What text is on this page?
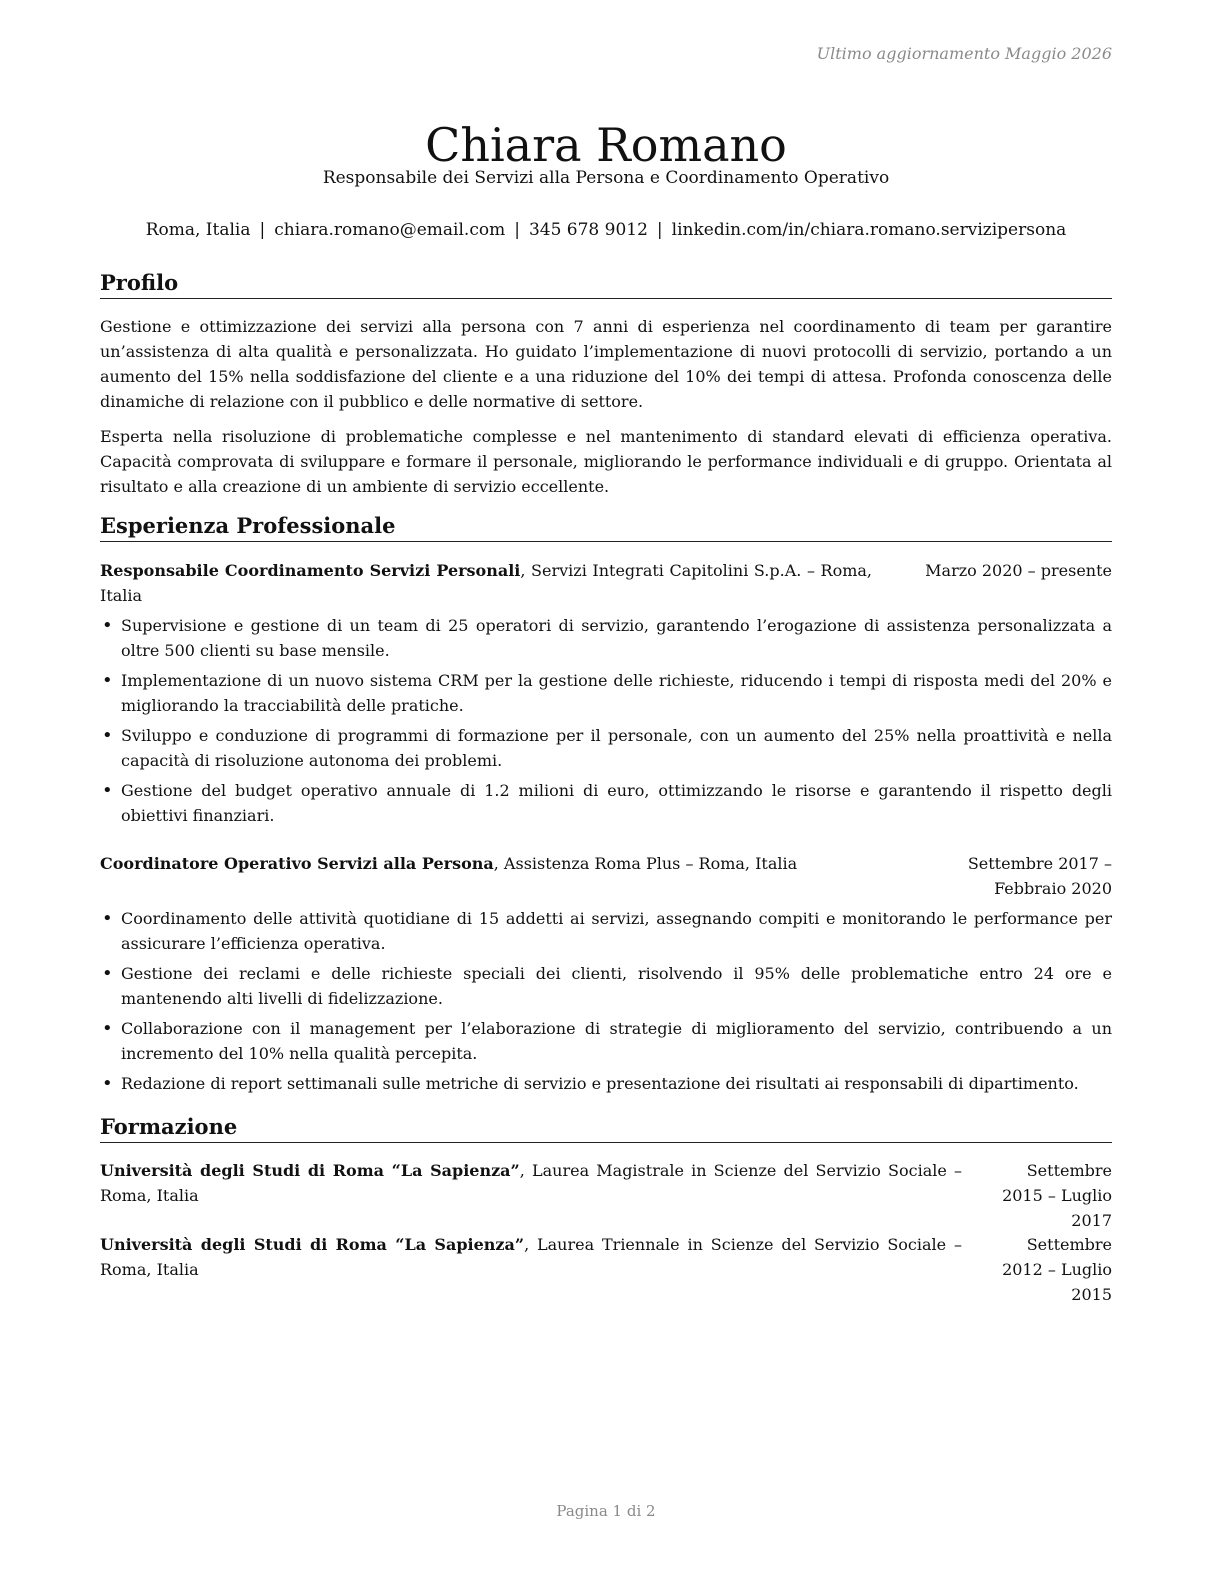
Ultimo aggiornamento Maggio 2026
Chiara Romano
Responsabile dei Servizi alla Persona e Coordinamento Operativo
Roma, Italia | chiara.romano@email.com | 345 678 9012 | linkedin.com/in/chiara.romano.servizipersona
Profilo

Gestione e ottimizzazione dei servizi alla persona con 7 anni di esperienza nel coordinamento di team per garantire un’assistenza di alta qualità e personalizzata. Ho guidato l’implementazione di nuovi protocolli di servizio, portando a un aumento del 15% nella soddisfazione del cliente e a una riduzione del 10% dei tempi di attesa. Profonda conoscenza delle dinamiche di relazione con il pubblico e delle normative di settore.

Esperta nella risoluzione di problematiche complesse e nel mantenimento di standard elevati di efficienza operativa. Capacità comprovata di sviluppare e formare il personale, migliorando le performance individuali e di gruppo. Orientata al risultato e alla creazione di un ambiente di servizio eccellente.

Esperienza Professionale
Marzo 2020 – presente
Responsabile Coordinamento Servizi Personali, Servizi Integrati Capitolini S.p.A. – Roma, Italia
• Supervisione e gestione di un team di 25 operatori di servizio, garantendo l’erogazione di assistenza personalizzata a oltre 500 clienti su base mensile.
• Implementazione di un nuovo sistema CRM per la gestione delle richieste, riducendo i tempi di risposta medi del 20% e migliorando la tracciabilità delle pratiche.
• Sviluppo e conduzione di programmi di formazione per il personale, con un aumento del 25% nella proattività e nella capacità di risoluzione autonoma dei problemi.
• Gestione del budget operativo annuale di 1.2 milioni di euro, ottimizzando le risorse e garantendo il rispetto degli obiettivi finanziari.
Settembre 2017 – Febbraio 2020
Coordinatore Operativo Servizi alla Persona, Assistenza Roma Plus – Roma, Italia
• Coordinamento delle attività quotidiane di 15 addetti ai servizi, assegnando compiti e monitorando le performance per assicurare l’efficienza operativa.
• Gestione dei reclami e delle richieste speciali dei clienti, risolvendo il 95% delle problematiche entro 24 ore e mantenendo alti livelli di fidelizzazione.
• Collaborazione con il management per l’elaborazione di strategie di miglioramento del servizio, contribuendo a un incremento del 10% nella qualità percepita.
• Redazione di report settimanali sulle metriche di servizio e presentazione dei risultati ai responsabili di dipartimento.
Formazione
Settembre 2015 – Luglio 2017
Università degli Studi di Roma “La Sapienza”, Laurea Magistrale in Scienze del Servizio Sociale – Roma, Italia
Settembre 2012 – Luglio 2015
Università degli Studi di Roma “La Sapienza”, Laurea Triennale in Scienze del Servizio Sociale – Roma, Italia
Pagina 1 di 2
